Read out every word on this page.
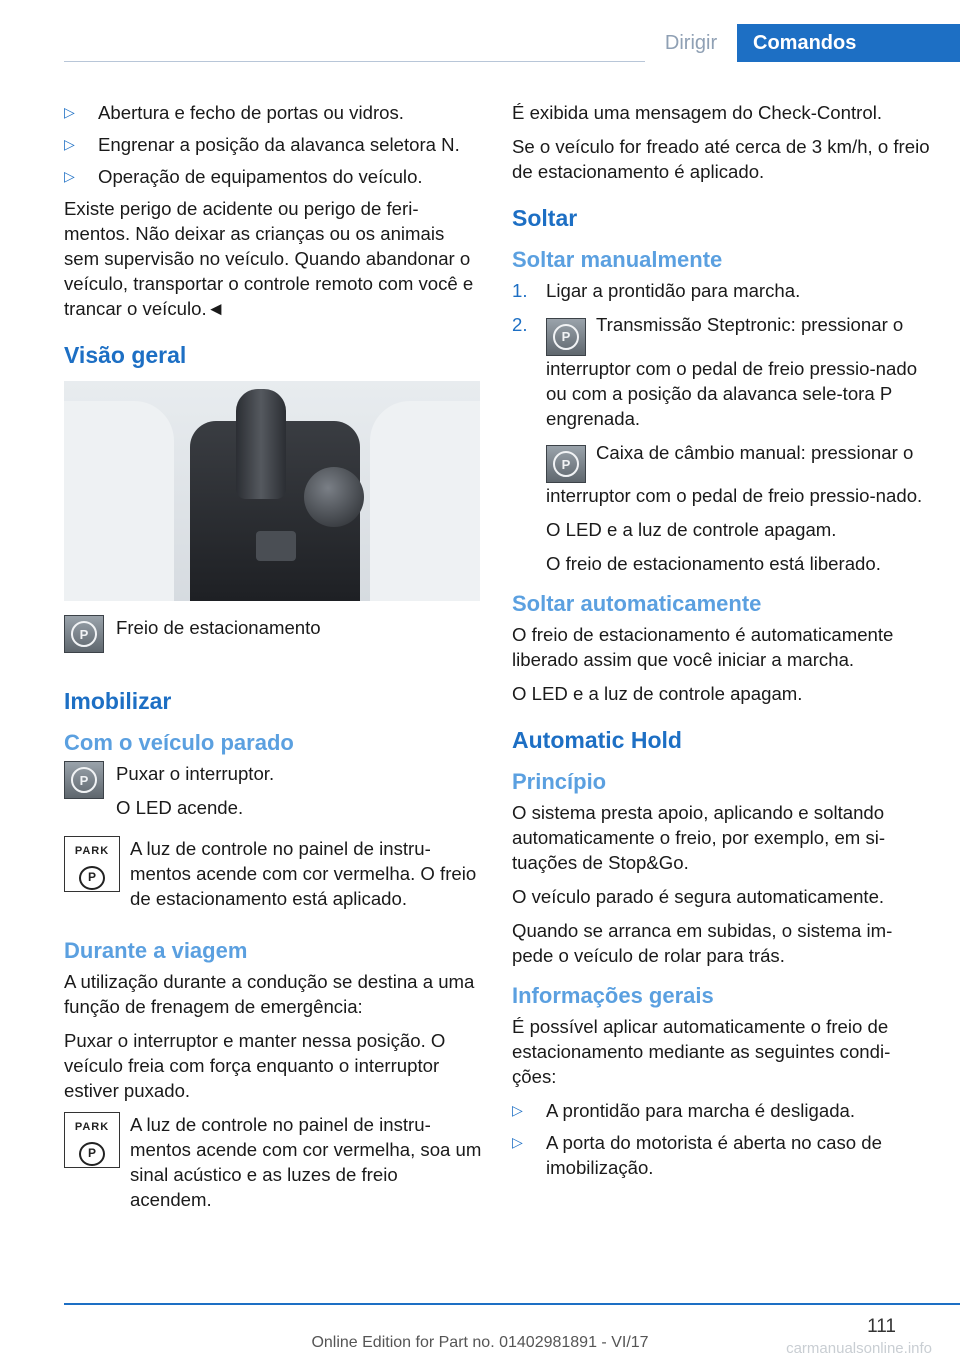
Dirigir	Comandos
▷	Abertura e fecho de portas ou vidros.
▷	Engrenar a posição da alavanca seletora N.
▷	Operação de equipamentos do veículo.

Existe perigo de acidente ou perigo de feri‐mentos. Não deixar as crianças ou os animais sem supervisão no veículo. Quando abandonar o veículo, transportar o controle remoto com você e trancar o veículo.◄

Visão geral
P	Freio de estacionamento
Imobilizar
Com o veículo parado
P	Puxar o interruptor.
O LED acende.
PARK
P
A luz de controle no painel de instru‐mentos acende com cor vermelha. O freio de estacionamento está aplicado.
Durante a viagem

A utilização durante a condução se destina a uma função de frenagem de emergência:

Puxar o interruptor e manter nessa posição. O veículo freia com força enquanto o interruptor estiver puxado.

PARK
P
A luz de controle no painel de instru‐mentos acende com cor vermelha, soa um sinal acústico e as luzes de freio acendem.

É exibida uma mensagem do Check-Control.

Se o veículo for freado até cerca de 3 km/h, o freio de estacionamento é aplicado.

Soltar
Soltar manualmente
1. Ligar a prontidão para marcha.
2.
P
Transmissão Steptronic: pressionar o interruptor com o pedal de freio pressio‐nado ou com a posição da alavanca sele‐tora P engrenada.

P
Caixa de câmbio manual: pressionar o interruptor com o pedal de freio pressio‐nado.

O LED e a luz de controle apagam.

O freio de estacionamento está liberado.

Soltar automaticamente

O freio de estacionamento é automaticamente liberado assim que você iniciar a marcha.

O LED e a luz de controle apagam.

Automatic Hold
Princípio

O sistema presta apoio, aplicando e soltando automaticamente o freio, por exemplo, em si‐tuações de Stop&Go.

O veículo parado é segura automaticamente.

Quando se arranca em subidas, o sistema im‐pede o veículo de rolar para trás.

Informações gerais

É possível aplicar automaticamente o freio de estacionamento mediante as seguintes condi‐ções:

▷	A prontidão para marcha é desligada.
▷	A porta do motorista é aberta no caso de imobilização.
111
Online Edition for Part no. 01402981891 - VI/17	carmanualsonline.info
